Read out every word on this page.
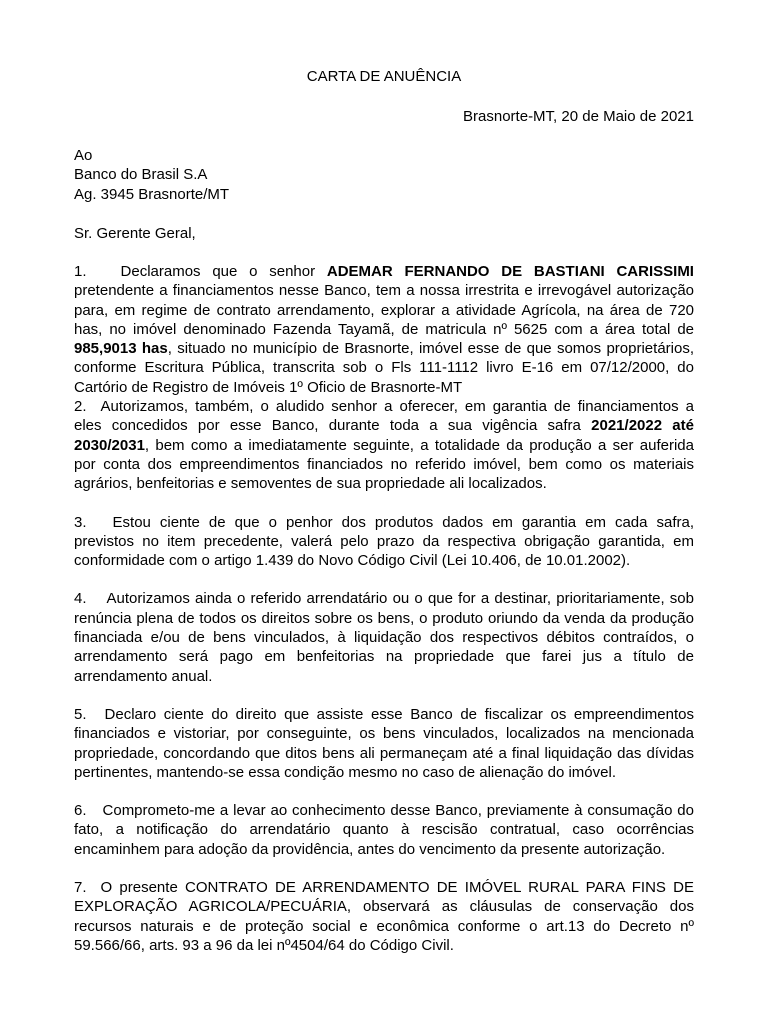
CARTA DE ANUÊNCIA
Brasnorte-MT, 20 de Maio de 2021
Ao
Banco do Brasil S.A
Ag. 3945 Brasnorte/MT
Sr. Gerente Geral,

1. Declaramos que o senhor ADEMAR FERNANDO DE BASTIANI CARISSIMI pretendente a financiamentos nesse Banco, tem a nossa irrestrita e irrevogável autorização para, em regime de contrato arrendamento, explorar a atividade Agrícola, na área de 720 has, no imóvel denominado Fazenda Tayamã, de matricula nº 5625 com a área total de 985,9013 has, situado no município de Brasnorte, imóvel esse de que somos proprietários, conforme Escritura Pública, transcrita sob o Fls 111-1112 livro E-16 em 07/12/2000, do Cartório de Registro de Imóveis 1º Oficio de Brasnorte-MT

2. Autorizamos, também, o aludido senhor a oferecer, em garantia de financiamentos a eles concedidos por esse Banco, durante toda a sua vigência safra 2021/2022 até 2030/2031, bem como a imediatamente seguinte, a totalidade da produção a ser auferida por conta dos empreendimentos financiados no referido imóvel, bem como os materiais agrários, benfeitorias e semoventes de sua propriedade ali localizados.

3. Estou ciente de que o penhor dos produtos dados em garantia em cada safra, previstos no item precedente, valerá pelo prazo da respectiva obrigação garantida, em conformidade com o artigo 1.439 do Novo Código Civil (Lei 10.406, de 10.01.2002).

4. Autorizamos ainda o referido arrendatário ou o que for a destinar, prioritariamente, sob renúncia plena de todos os direitos sobre os bens, o produto oriundo da venda da produção financiada e/ou de bens vinculados, à liquidação dos respectivos débitos contraídos, o arrendamento será pago em benfeitorias na propriedade que farei jus a título de arrendamento anual.

5. Declaro ciente do direito que assiste esse Banco de fiscalizar os empreendimentos financiados e vistoriar, por conseguinte, os bens vinculados, localizados na mencionada propriedade, concordando que ditos bens ali permaneçam até a final liquidação das dívidas pertinentes, mantendo-se essa condição mesmo no caso de alienação do imóvel.

6. Comprometo-me a levar ao conhecimento desse Banco, previamente à consumação do fato, a notificação do arrendatário quanto à rescisão contratual, caso ocorrências encaminhem para adoção da providência, antes do vencimento da presente autorização.

7. O presente CONTRATO DE ARRENDAMENTO DE IMÓVEL RURAL PARA FINS DE EXPLORAÇÃO AGRICOLA/PECUÁRIA, observará as cláusulas de conservação dos recursos naturais e de proteção social e econômica conforme o art.13 do Decreto nº 59.566/66, arts. 93 a 96 da lei nº4504/64 do Código Civil.
